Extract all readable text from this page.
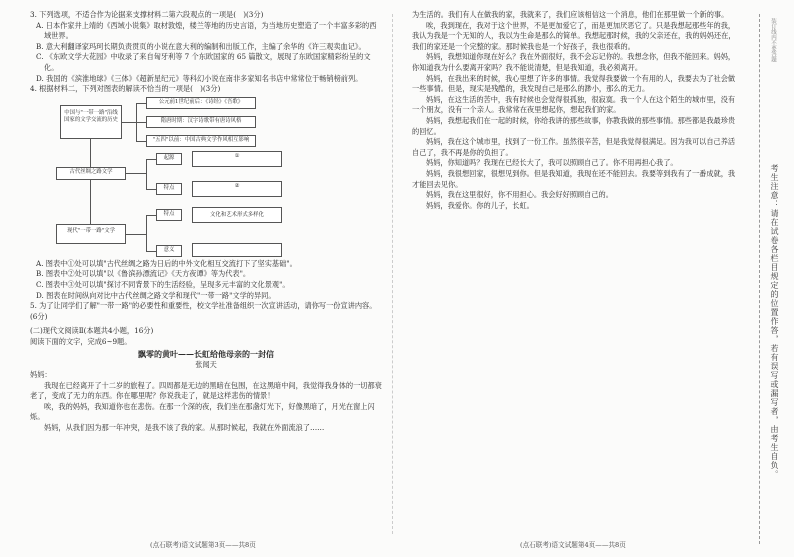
3. 下列选项，不适合作为论据来支撑材料二第六段观点的一项是(　)(3分)

A. 日本作家井上靖的《西域小说集》取材敦煌，楼兰等地的历史言语，为当地历史塑造了一个丰富多彩的西域世界。

B. 意大利翻译家玛珂长期负责贯页的小说在意大利的编制和出版工作，主编了余华的《许三观卖血记》。

C. 《东欧文学大花园》中收录了来自匈牙利等 7 个东欧国家的 65 篇散文，展现了东欧国家精彩纷呈的文化。

D. 我国的《滨淮地球》《三体》《超新星纪元》等科幻小说在南非多家知名书店中常常位于畅销榜前列。

4. 根据材料二，下列对图表的解读不恰当的一项是(　)(3分)

中国与"一带一路"沿线国家的文学交流的历史
公元前1世纪前后：《诗经》《吾歌》
隋唐时期：汉字诗歌带有唐诗风格
"五四"以前：中国古典文学作风相互影响
古代丝绸之路文学
起源	①
特点	②
现代"一带一路"文学
特点	文化和艺术形式多样化
意义

A. 图表中①处可以填"古代丝绸之路为日后的中外文化相互交流打下了坚实基础"。

B. 图表中②处可以填"以《鲁滨孙漂流记》《天方夜谭》等为代表"。

C. 图表中③处可以填"探讨不同背景下的生活经验，呈现多元丰富的文化景观"。

D. 图表在时间纵向对比中古代丝绸之路文学和现代"一带一路"文学的异同。

5. 为了让同学们了解"一带一路"的必要性和重要性，校文学社准备组织一次宣讲活动，请你写一份宣讲内容。(6分)

(二)现代文阅读Ⅱ(本题共4小题，16分)

阅读下面的文字，完成6~9题。

飘零的黄叶——长虹给他母亲的一封信

张闻天

妈妈：

我现在已经离开了十二岁的旅程了。四周都是无边的黑暗在包围，在这黑暗中间，我觉得我身体的一切都衰老了，变成了无力的东西。你在哪里呢？你说我走了，就是这样悲伤的情景！

唉，我的妈妈，我知道你也在悲伤。在那一个深的夜，我们坐在那盏灯光下，好像黑暗了，月光在窗上闪烁。

妈妈，从我们因为那一年冲突，是我不该了我的家。从那时候起，我就在外面流浪了……

(点石联考)语文试题第3页——共8页

为生活的。我们有人在做我的家，我就来了，我们应该相信这一个消息，他们在那里做一个新的事。

唉，我到现在，我对于这个世界，不是更加爱它了，而是更加厌恶它了。只是我想起那些年的我，我认为我是一个无知的人，我以为生命是那么的简单。我想起那时候，我的父亲还在，我的妈妈还在，我们的家还是一个完整的家。那时候我也是一个好孩子，我也很乖的。

妈妈，我想知道你现在好么？我在外面很好，我不会忘记你的。我想念你，但我不能回来。妈妈，你知道我为什么要离开家吗？我不能说清楚，但是我知道，我必须离开。

妈妈，在我出来的时候，我心里想了许多的事情。我觉得我要做一个有用的人，我要去为了社会做一些事情。但是，现实是残酷的，我发现自己是那么的渺小，那么的无力。

妈妈，在这生活的苦中，我有时候也会觉得很孤独，很寂寞。我一个人在这个陌生的城市里，没有一个朋友，没有一个亲人。我常常在夜里想起你，想起我们的家。

妈妈，我想起我们在一起的时候，你给我讲的那些故事，你教我做的那些事情。那些都是我最珍贵的回忆。

妈妈，我在这个城市里，找到了一份工作。虽然很辛苦，但是我觉得很满足。因为我可以自己养活自己了，我不再是你的负担了。

妈妈，你知道吗？我现在已经长大了，我可以照顾自己了。你不用再担心我了。

妈妈，我很想回家，很想见到你。但是我知道，我现在还不能回去。我要等到我有了一番成就，我才能回去见你。

妈妈，我在这里很好，你不用担心。我会好好照顾自己的。

妈妈，我爱你。你的儿子，长虹。

(点石联考)语文试题第4页——共8页
装订线内不要答题
考生注意：请在试卷各栏目规定的位置作答，若有误写或漏写者，由考生自负。
